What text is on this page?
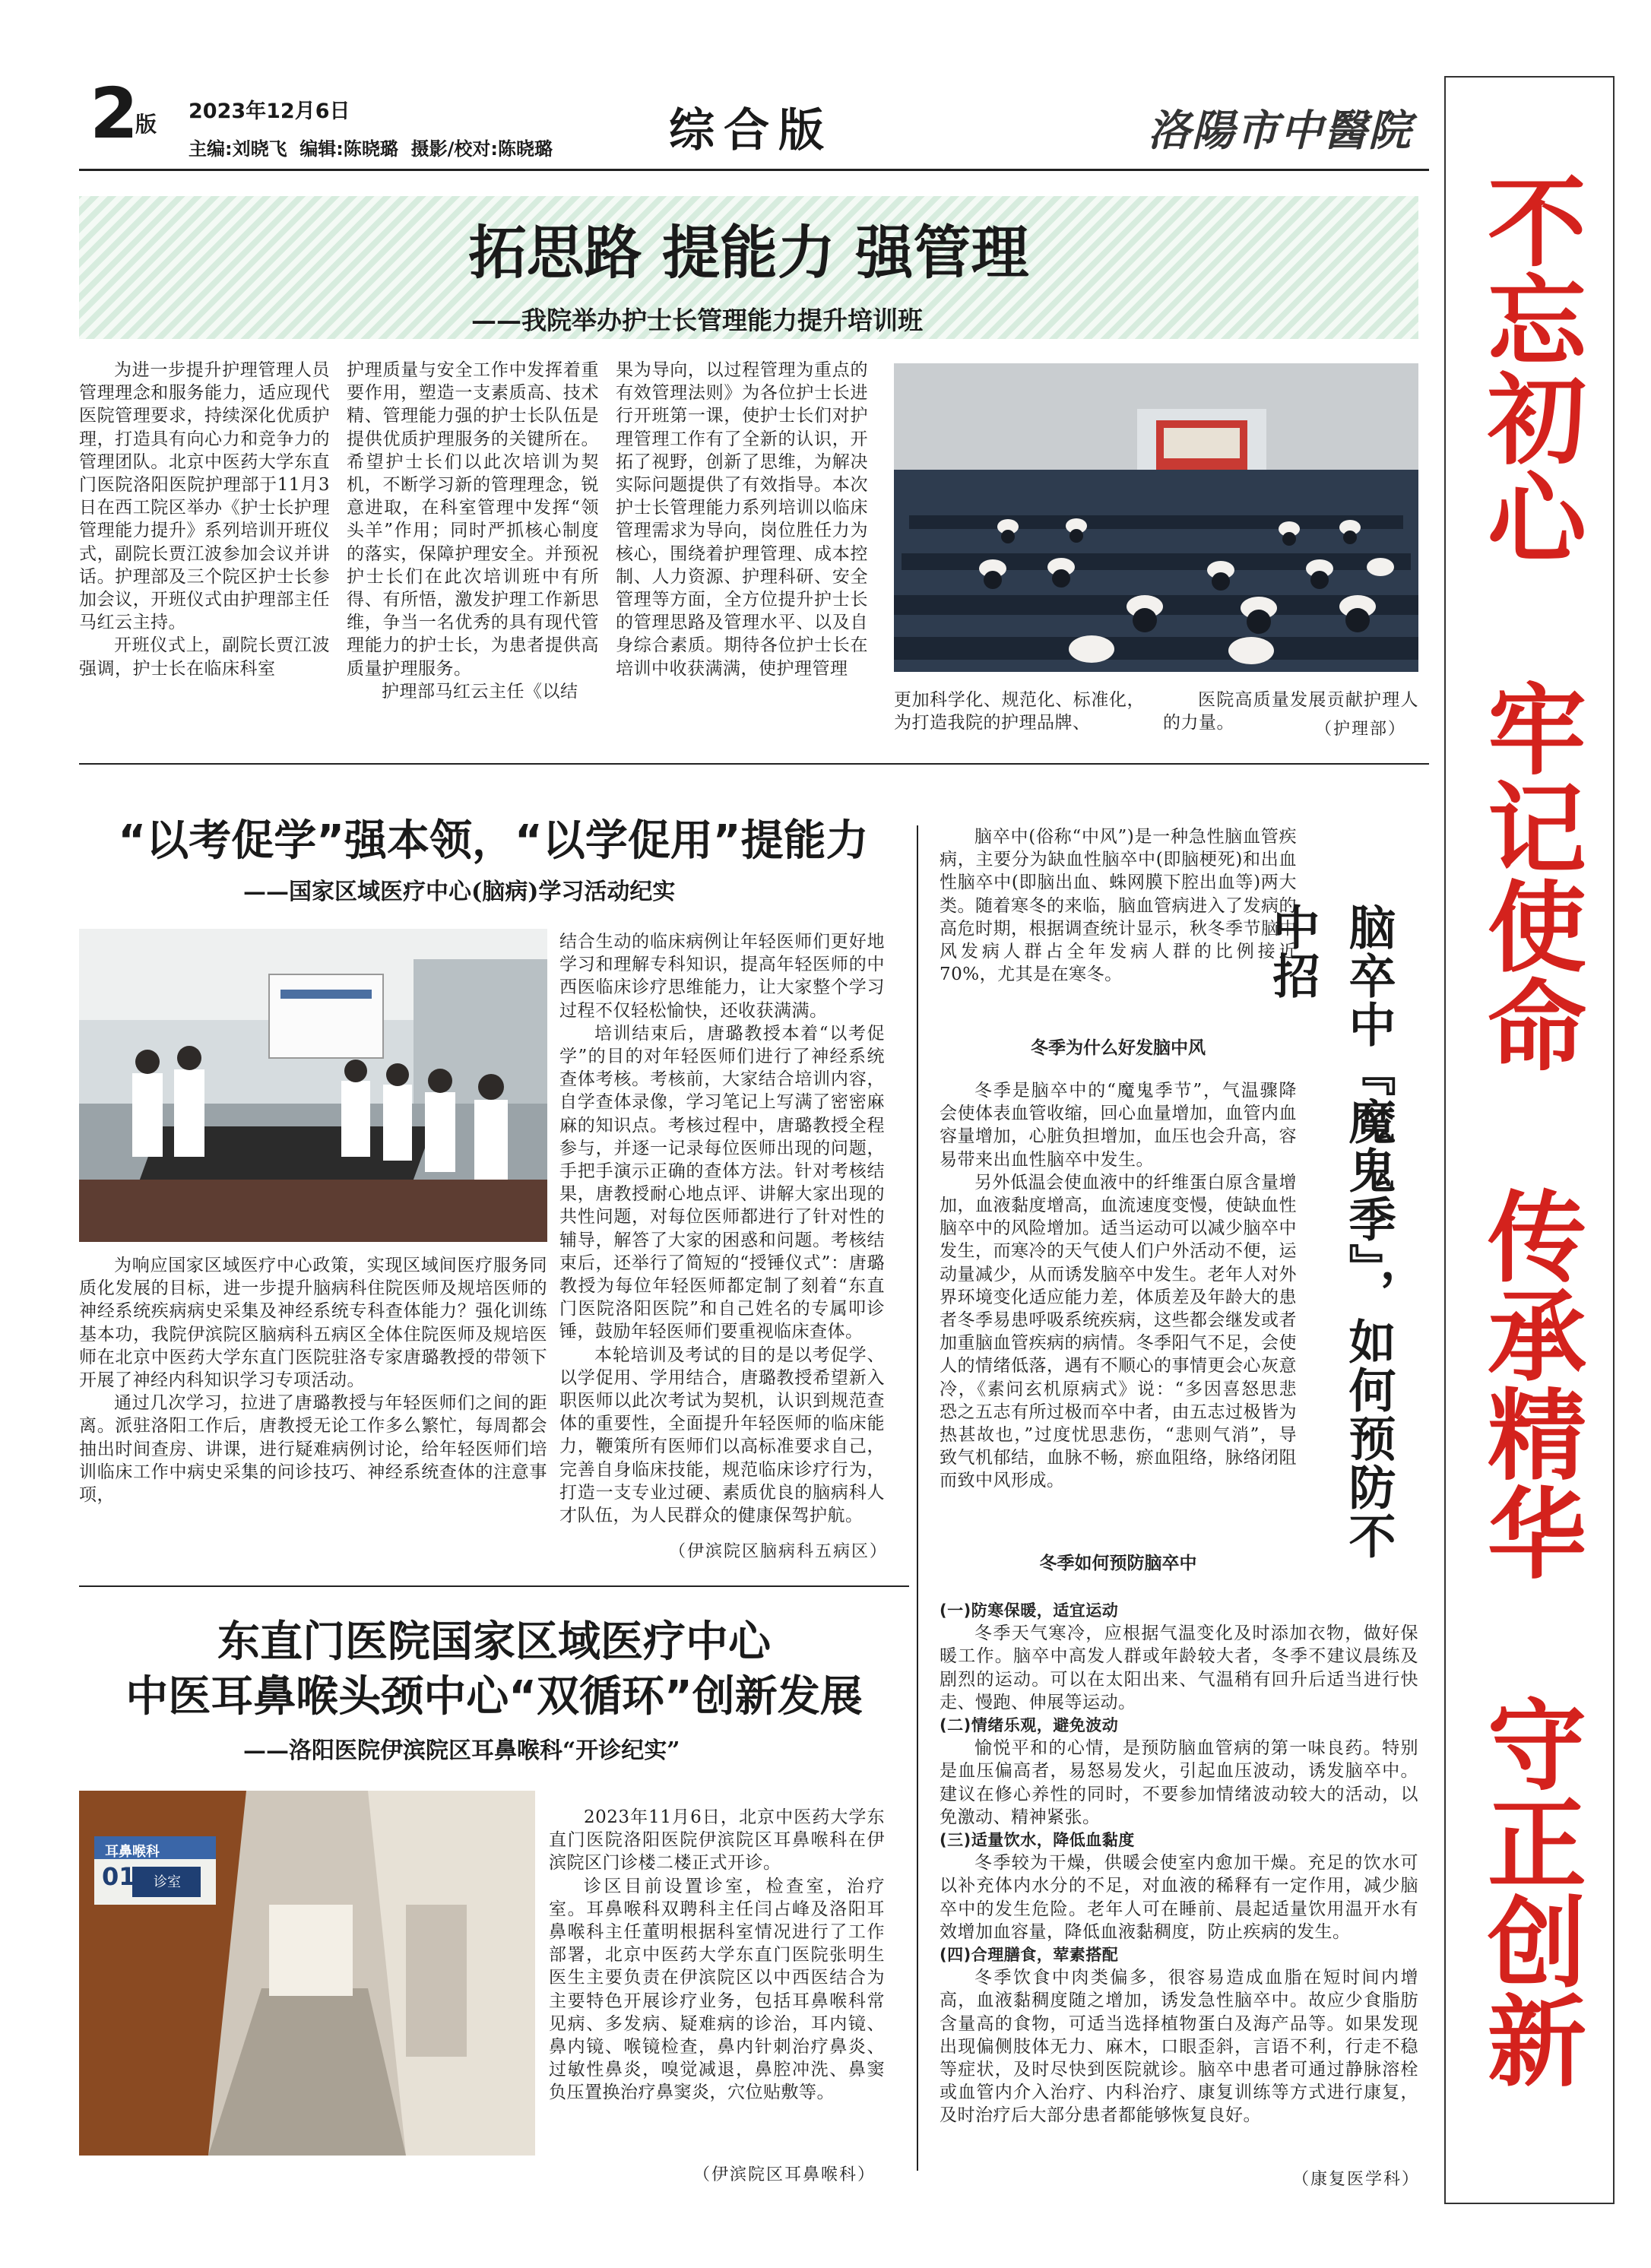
2
版
2023年12月6日
主编:刘晓飞  编辑:陈晓璐  摄影/校对:陈晓璐	综合版	洛陽市中醫院
不忘初心
牢记使命
传承精华
守正创新
拓思路 提能力 强管理
——我院举办护士长管理能力提升培训班

为进一步提升护理管理人员管理理念和服务能力，适应现代医院管理要求，持续深化优质护理，打造具有向心力和竞争力的管理团队。北京中医药大学东直门医院洛阳医院护理部于11月3日在西工院区举办《护士长护理管理能力提升》系列培训开班仪式，副院长贾江波参加会议并讲话。护理部及三个院区护士长参加会议，开班仪式由护理部主任马红云主持。

开班仪式上，副院长贾江波强调，护士长在临床科室

护理质量与安全工作中发挥着重要作用，塑造一支素质高、技术精、管理能力强的护士长队伍是提供优质护理服务的关键所在。希望护士长们以此次培训为契机，不断学习新的管理理念，锐意进取，在科室管理中发挥“领头羊”作用；同时严抓核心制度的落实，保障护理安全。并预祝护士长们在此次培训班中有所得、有所悟，激发护理工作新思维，争当一名优秀的具有现代管理能力的护士长，为患者提供高质量护理服务。

护理部马红云主任《以结

果为导向，以过程管理为重点的有效管理法则》为各位护士长进行开班第一课，使护士长们对护理管理工作有了全新的认识，开拓了视野，创新了思维，为解决实际问题提供了有效指导。本次护士长管理能力系列培训以临床管理需求为导向，岗位胜任力为核心，围绕着护理管理、成本控制、人力资源、护理科研、安全管理等方面，全方位提升护士长的管理思路及管理水平、以及自身综合素质。期待各位护士长在培训中收获满满，使护理管理

更加科学化、规范化、标准化，为打造我院的护理品牌、

医院高质量发展贡献护理人的力量。	（护理部）
“以考促学”强本领，“以学促用”提能力
——国家区域医疗中心(脑病)学习活动纪实

为响应国家区域医疗中心政策，实现区域间医疗服务同质化发展的目标，进一步提升脑病科住院医师及规培医师的神经系统疾病病史采集及神经系统专科查体能力？强化训练基本功，我院伊滨院区脑病科五病区全体住院医师及规培医师在北京中医药大学东直门医院驻洛专家唐璐教授的带领下开展了神经内科知识学习专项活动。

通过几次学习，拉进了唐璐教授与年轻医师们之间的距离。派驻洛阳工作后，唐教授无论工作多么繁忙，每周都会抽出时间查房、讲课，进行疑难病例讨论，给年轻医师们培训临床工作中病史采集的问诊技巧、神经系统查体的注意事项，

结合生动的临床病例让年轻医师们更好地学习和理解专科知识，提高年轻医师的中西医临床诊疗思维能力，让大家整个学习过程不仅轻松愉快，还收获满满。

培训结束后，唐璐教授本着“以考促学”的目的对年轻医师们进行了神经系统查体考核。考核前，大家结合培训内容，自学查体录像，学习笔记上写满了密密麻麻的知识点。考核过程中，唐璐教授全程参与，并逐一记录每位医师出现的问题，手把手演示正确的查体方法。针对考核结果，唐教授耐心地点评、讲解大家出现的共性问题，对每位医师都进行了针对性的辅导，解答了大家的困惑和问题。考核结束后，还举行了简短的“授锤仪式”：唐璐教授为每位年轻医师都定制了刻着“东直门医院洛阳医院”和自己姓名的专属叩诊锤，鼓励年轻医师们要重视临床查体。

本轮培训及考试的目的是以考促学、以学促用、学用结合，唐璐教授希望新入职医师以此次考试为契机，认识到规范查体的重要性，全面提升年轻医师的临床能力，鞭策所有医师们以高标准要求自己，完善自身临床技能，规范临床诊疗行为，打造一支专业过硬、素质优良的脑病科人才队伍，为人民群众的健康保驾护航。

（伊滨院区脑病科五病区）
东直门医院国家区域医疗中心
中医耳鼻喉头颈中心“双循环”创新发展
——洛阳医院伊滨院区耳鼻喉科“开诊纪实”
耳鼻喉科
01 诊室

2023年11月6日，北京中医药大学东直门医院洛阳医院伊滨院区耳鼻喉科在伊滨院区门诊楼二楼正式开诊。

诊区目前设置诊室，检查室，治疗室。耳鼻喉科双聘科主任闫占峰及洛阳耳鼻喉科主任董明根据科室情况进行了工作部署，北京中医药大学东直门医院张明生医生主要负责在伊滨院区以中西医结合为主要特色开展诊疗业务，包括耳鼻喉科常见病、多发病、疑难病的诊治，耳内镜、鼻内镜、喉镜检查，鼻内针刺治疗鼻炎、过敏性鼻炎，嗅觉减退，鼻腔冲洗、鼻窦负压置换治疗鼻窦炎，穴位贴敷等。

（伊滨院区耳鼻喉科）

脑卒中(俗称“中风”)是一种急性脑血管疾病，主要分为缺血性脑卒中(即脑梗死)和出血性脑卒中(即脑出血、蛛网膜下腔出血等)两大类。随着寒冬的来临，脑血管病进入了发病的高危时期，根据调查统计显示，秋冬季节脑中风发病人群占全年发病人群的比例接近70%，尤其是在寒冬。	脑卒中『魔鬼季』，如何预防不中招
冬季为什么好发脑中风

冬季是脑卒中的“魔鬼季节”，气温骤降会使体表血管收缩，回心血量增加，血管内血容量增加，心脏负担增加，血压也会升高，容易带来出血性脑卒中发生。

另外低温会使血液中的纤维蛋白原含量增加，血液黏度增高，血流速度变慢，使缺血性脑卒中的风险增加。适当运动可以减少脑卒中发生，而寒冷的天气使人们户外活动不便，运动量减少，从而诱发脑卒中发生。老年人对外界环境变化适应能力差，体质差及年龄大的患者冬季易患呼吸系统疾病，这些都会继发或者加重脑血管疾病的病情。冬季阳气不足，会使人的情绪低落，遇有不顺心的事情更会心灰意冷，《素问玄机原病式》说：“多因喜怒思悲恐之五志有所过极而卒中者，由五志过极皆为热甚故也，”过度忧思悲伤，“悲则气消”，导致气机郁结，血脉不畅，瘀血阻络，脉络闭阻而致中风形成。

冬季如何预防脑卒中

(一)防寒保暖，适宜运动

冬季天气寒冷，应根据气温变化及时添加衣物，做好保暖工作。脑卒中高发人群或年龄较大者，冬季不建议晨练及剧烈的运动。可以在太阳出来、气温稍有回升后适当进行快走、慢跑、伸展等运动。

(二)情绪乐观，避免波动

愉悦平和的心情，是预防脑血管病的第一味良药。特别是血压偏高者，易怒易发火，引起血压波动，诱发脑卒中。建议在修心养性的同时，不要参加情绪波动较大的活动，以免激动、精神紧张。

(三)适量饮水，降低血黏度

冬季较为干燥，供暖会使室内愈加干燥。充足的饮水可以补充体内水分的不足，对血液的稀释有一定作用，减少脑卒中的发生危险。老年人可在睡前、晨起适量饮用温开水有效增加血容量，降低血液黏稠度，防止疾病的发生。

(四)合理膳食，荤素搭配

冬季饮食中肉类偏多，很容易造成血脂在短时间内增高，血液黏稠度随之增加，诱发急性脑卒中。故应少食脂肪含量高的食物，可适当选择植物蛋白及海产品等。如果发现出现偏侧肢体无力、麻木，口眼歪斜，言语不利，行走不稳等症状，及时尽快到医院就诊。脑卒中患者可通过静脉溶栓或血管内介入治疗、内科治疗、康复训练等方式进行康复，及时治疗后大部分患者都能够恢复良好。

（康复医学科）
